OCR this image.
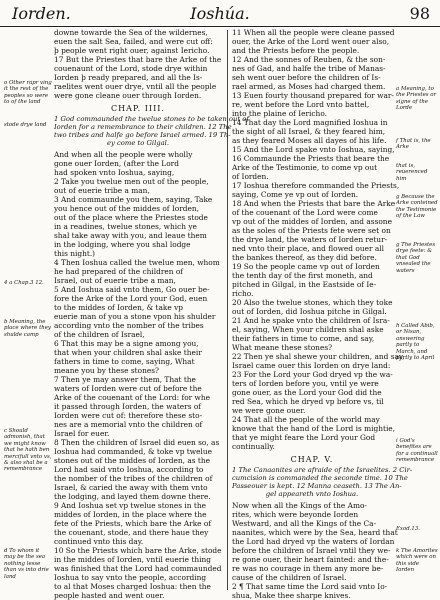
Iorden.	Ioshúa.	98
o Other rapr ving it the rest of the peoples so were to of the land
stode drye land
4 a Chap.3 12.
b Meaning, the place where they shulde camp
c Should admonish, that we might know that he hath ben mercifull vnto vs, & also shal be a remembrance
d To whom it may be the sea nothing lesse than vs into drie land
downe towarde the Sea of the wildernes,
euen the salt Sea, failed, and were cut off:
þ people went right ouer, against Iericho.
17 But the Priestes that bare the Arke of the
couenaunt of the Lord, stode drye within
Iorden þ ready prepared, and all the Is-
raelites went ouer drye, vntil all the people
were gone cleane ouer through Iorden.
CHAP. IIII.
1 God commaunded the twelue stones to be taken out of
Iorden for a remembrance to their children. 12 The
two tribes and halfe go before Israel armed. 19 Th-
ey come to Gilgal.
And when all the people were wholly
gone ouer Iorden, (after the Lord
had spoken vnto Ioshua, saying,
2 Take you twelue men out of the people,
out of euerie tribe a man,
3 And commaunde you them, saying, Take
you hence out of the middes of Iorden,
out of the place where the Priestes stode
in a readines, twelue stones, which ye
shal take away with you, and leaue them
in the lodging, where you shal lodge
this night.)
4 Then Ioshua called the twelue men, whom
he had prepared of the children of
Israel, out of euerie tribe a man,
5 And Ioshua said vnto them, Go ouer be-
fore the Arke of the Lord your God, euen
to the middes of Iorden, & take vp
euerie man of you a stone vpon his shulder
according vnto the nomber of the tribes
of the children of Israel,
6 That this may be a signe among you,
that when your children shal aske their
fathers in time to come, saying, What
meane you by these stones?
7 Then ye may answer them, That the
waters of Iorden were cut of before the
Arke of the couenant of the Lord: for whe
it passed through Iorden, the waters of
Iorden were cut of: therefore these sto-
nes are a memorial vnto the children of
Israel for euer.
8 Then the children of Israel did euen so, as
Ioshua had commanded, & toke vp twelue
stones out of the middes of Iorden, as the
Lord had said vnto Ioshua, according to
the nomber of the tribes of the children of
Israel, & caried the away with them vnto
the lodging, and layed them downe there.
9 And Ioshua set vp twelue stones in the
middes of Iorden, in the place where the
fete of the Priests, which bare the Arke of
the couenant, stode, and there haue they
continued vnto this day.
10 So the Priests which bare the Arke, stode
in the middes of Iorden, vntil euerie thing
was finished that the Lord had commaunded
Ioshua to say vnto the people, according
to al that Moses charged Ioshua: then the
people hasted and went ouer.
11 When all the people were cleane passed
ouer, the Arke of the Lord went ouer also,
and the Priests before the people.
12 And the sonnes of Reuben, & the son-
nes of Gad, and halfe the tribe of Manas-
seh went ouer before the children of Is-
rael armed, as Moses had charged them.
13 Euen fourty thousand prepared for war-
re, went before the Lord vnto battel,
into the plaine of Iericho.
14 That day the Lord magnified Ioshua in
the sight of all Israel, & they feared him,
as they feared Moses all dayes of his life.
15 And the Lord spake vnto Ioshua, saying,
16 Commaunde the Priests that beare the
Arke of the Testimonie, to come vp out
of Iorden.
17 Ioshua therefore commanded the Priests,
saying, Come ye vp out of Iorden.
18 And when the Priests that bare the Arke
of the couenant of the Lord were come
vp out of the middes of Iorden, and assone
as the soles of the Priests fete were set on
the drye land, the waters of Iorden retur-
ned vnto their place, and flowed ouer all
the bankes thereof, as they did before.
19 So the people came vp out of Iorden
the tenth day of the first moneth, and
pitched in Gilgal, in the Eastside of Ie-
richo.
20 Also the twelue stones, which they toke
out of Iorden, did Ioshua pitche in Gilgal.
21 And he spake vnto the children of Isra-
el, saying, When your children shal aske
their fathers in time to come, and say,
What meane these stones?
22 Then ye shal shewe your children, and say,
Israel came ouer this Iorden on drye land:
23 For the Lord your God dryed vp the wa-
ters of Iorden before you, vntil ye were
gone ouer, as the Lord your God did the
red Sea, which he dryed vp before vs, til
we were gone ouer.
24 That all the people of the world may
knowe that the hand of the Lord is mightie,
that ye might feare the Lord your God
continually.
CHAP. V.
1 The Canaanites are afraide of the Israelites. 2 Cir-
cumcision is commanded the seconde time. 10 The
Passeouer is kept. 12 Manna ceaseth. 13 The An-
gel appeareth vnto Ioshua.
Now when all the Kings of the Amo-
rites, which were beyonde Iorden
Westward, and all the Kings of the Ca-
naanites, which were by the Sea, heard that
the Lord had dryed vp the waters of Iordan
before the children of Israel vntil they we-
re gone ouer, their heart fainted: and the-
re was no courage in them any more be-
cause of the children of Israel.
2 ¶ That same time the Lord said vnto Io-
shua, Make thee sharpe knives.
a Meaning, to the Priestes or signe of the Lorde
f That is, the Arke
that is, reuerenced him
g Because the Arke conteined the Testimonie of the Law
g The Priestes drye feete: & that God vnsealed the waters
h Called Abib, or Nisan, answering partly to March, and partly to April
i God's benefites are for a continuall remembrance
k The Amorites which were on this side Iorden
Exod.13.
